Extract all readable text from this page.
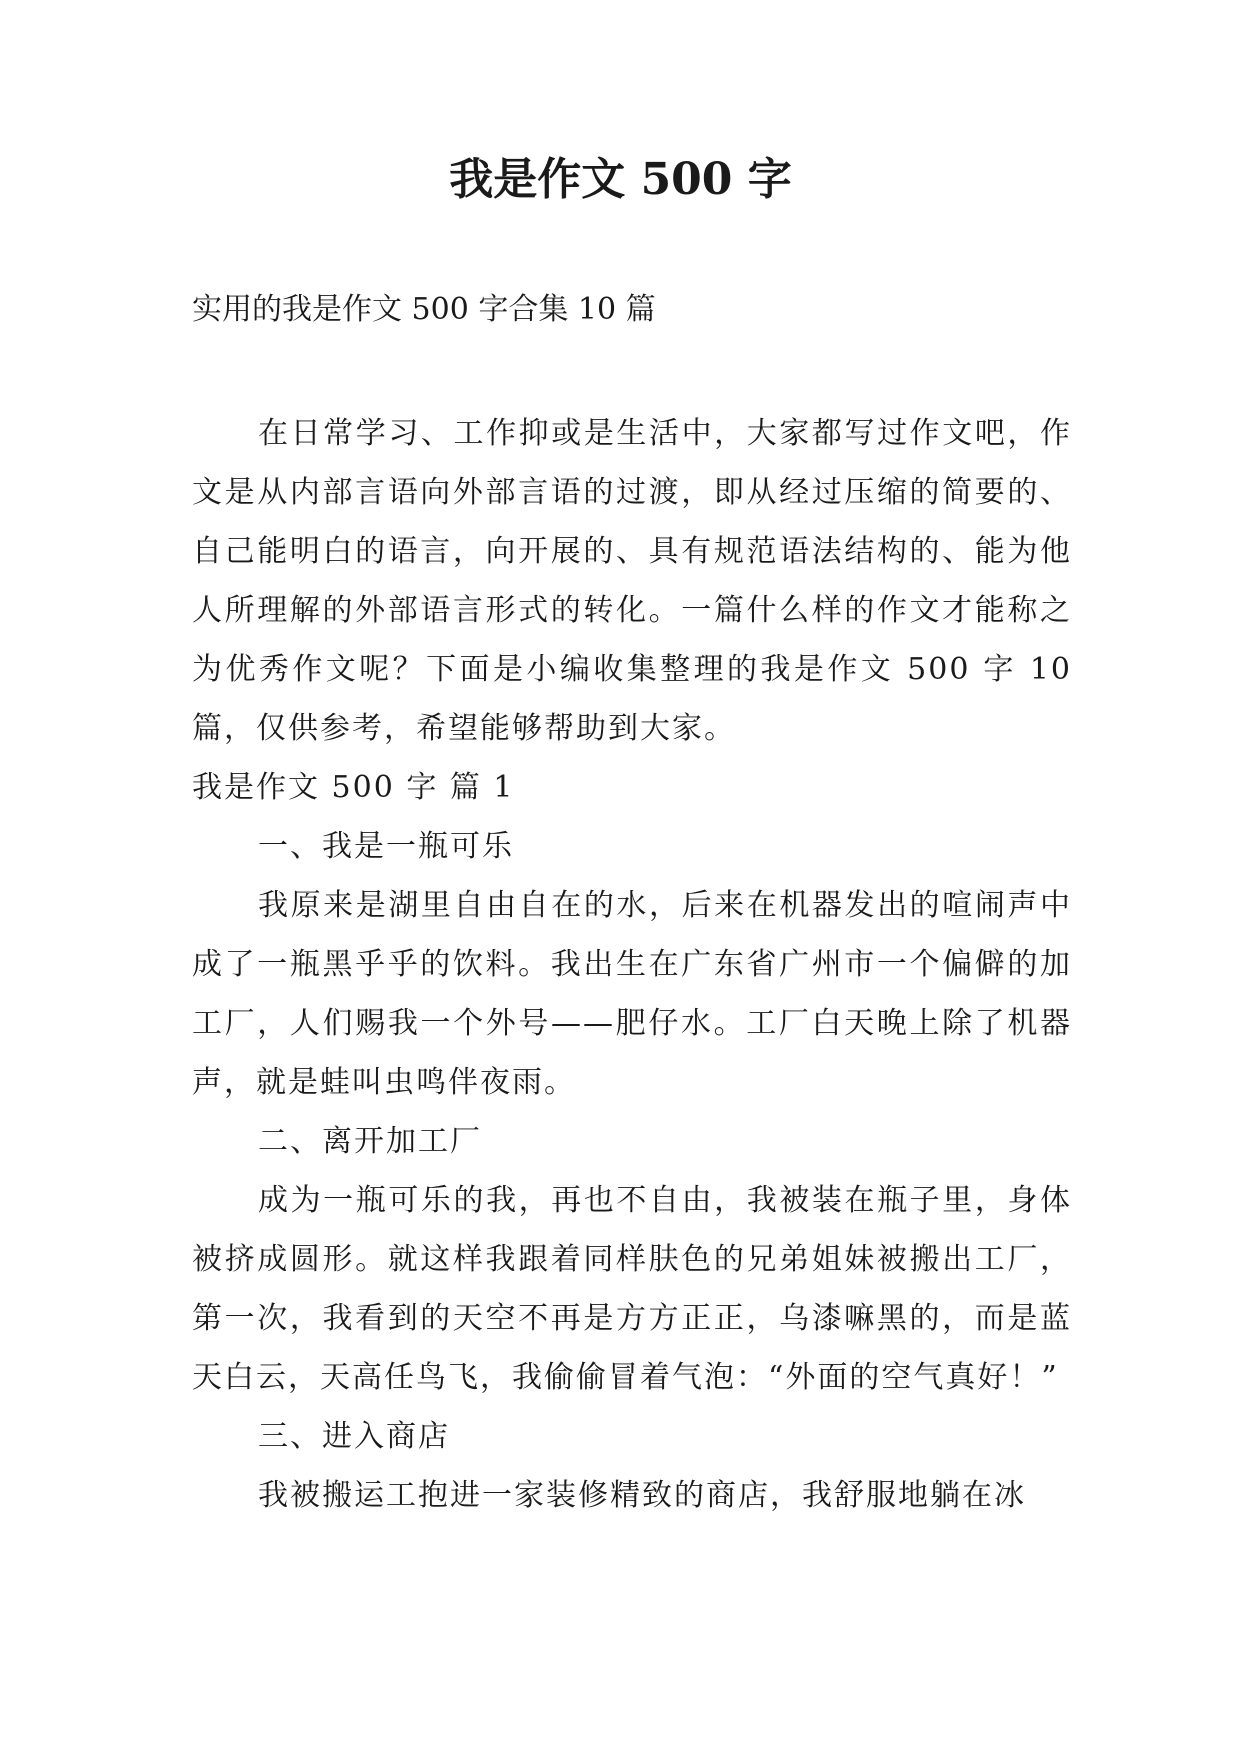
我是作文 500 字

实用的我是作文 500 字合集 10 篇

在日常学习、工作抑或是生活中，大家都写过作文吧，作文是从内部言语向外部言语的过渡，即从经过压缩的简要的、自己能明白的语言，向开展的、具有规范语法结构的、能为他人所理解的外部语言形式的转化。一篇什么样的作文才能称之为优秀作文呢？下面是小编收集整理的我是作文 500 字 10 篇，仅供参考，希望能够帮助到大家。

我是作文 500 字 篇 1

一、我是一瓶可乐

我原来是湖里自由自在的水，后来在机器发出的喧闹声中成了一瓶黑乎乎的饮料。我出生在广东省广州市一个偏僻的加工厂，人们赐我一个外号——肥仔水。工厂白天晚上除了机器声，就是蛙叫虫鸣伴夜雨。

二、离开加工厂

成为一瓶可乐的我，再也不自由，我被装在瓶子里，身体被挤成圆形。就这样我跟着同样肤色的兄弟姐妹被搬出工厂，第一次，我看到的天空不再是方方正正，乌漆嘛黑的，而是蓝天白云，天高任鸟飞，我偷偷冒着气泡：“外面的空气真好！”

三、进入商店

我被搬运工抱进一家装修精致的商店，我舒服地躺在冰
